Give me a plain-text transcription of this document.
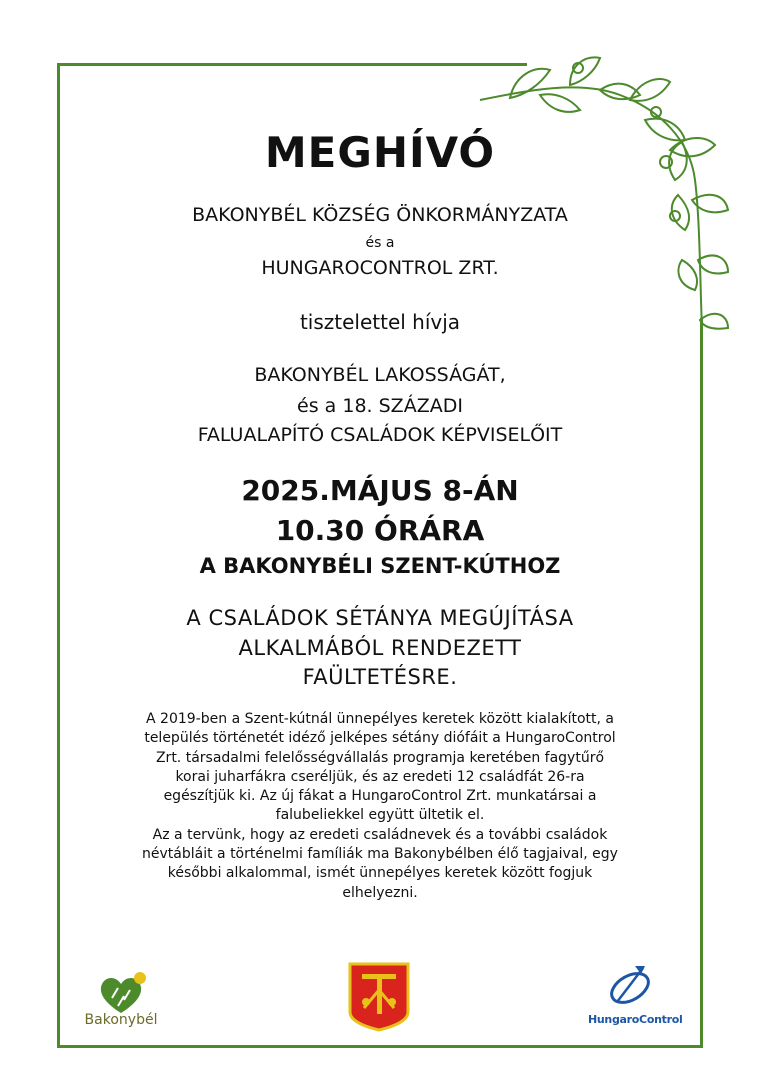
MEGHÍVÓ
BAKONYBÉL KÖZSÉG ÖNKORMÁNYZATA
és a
HUNGAROCONTROL ZRT.
tisztelettel hívja
BAKONYBÉL LAKOSSÁGÁT,
és a 18. SZÁZADI
FALUALAPÍTÓ CSALÁDOK KÉPVISELŐIT
2025.MÁJUS 8-ÁN
10.30 ÓRÁRA
A BAKONYBÉLI SZENT-KÚTHOZ
A CSALÁDOK SÉTÁNYA MEGÚJÍTÁSA
ALKALMÁBÓL RENDEZETT
FAÜLTETÉSRE.

A 2019-ben a Szent-kútnál ünnepélyes keretek között kialakított, a

település történetét idéző jelképes sétány diófáit a HungaroControl

Zrt. társadalmi felelősségvállalás programja keretében fagytűrő

korai juharfákra cseréljük, és az eredeti 12 családfát 26-ra

egészítjük ki. Az új fákat a HungaroControl Zrt. munkatársai a

falubeliekkel együtt ültetik el.

Az a tervünk, hogy az eredeti családnevek és a további családok

névtábláit a történelmi famíliák ma Bakonybélben élő tagjaival, egy

későbbi alkalommal, ismét ünnepélyes keretek között fogjuk

elhelyezni.

Bakonybél	HungaroControl
